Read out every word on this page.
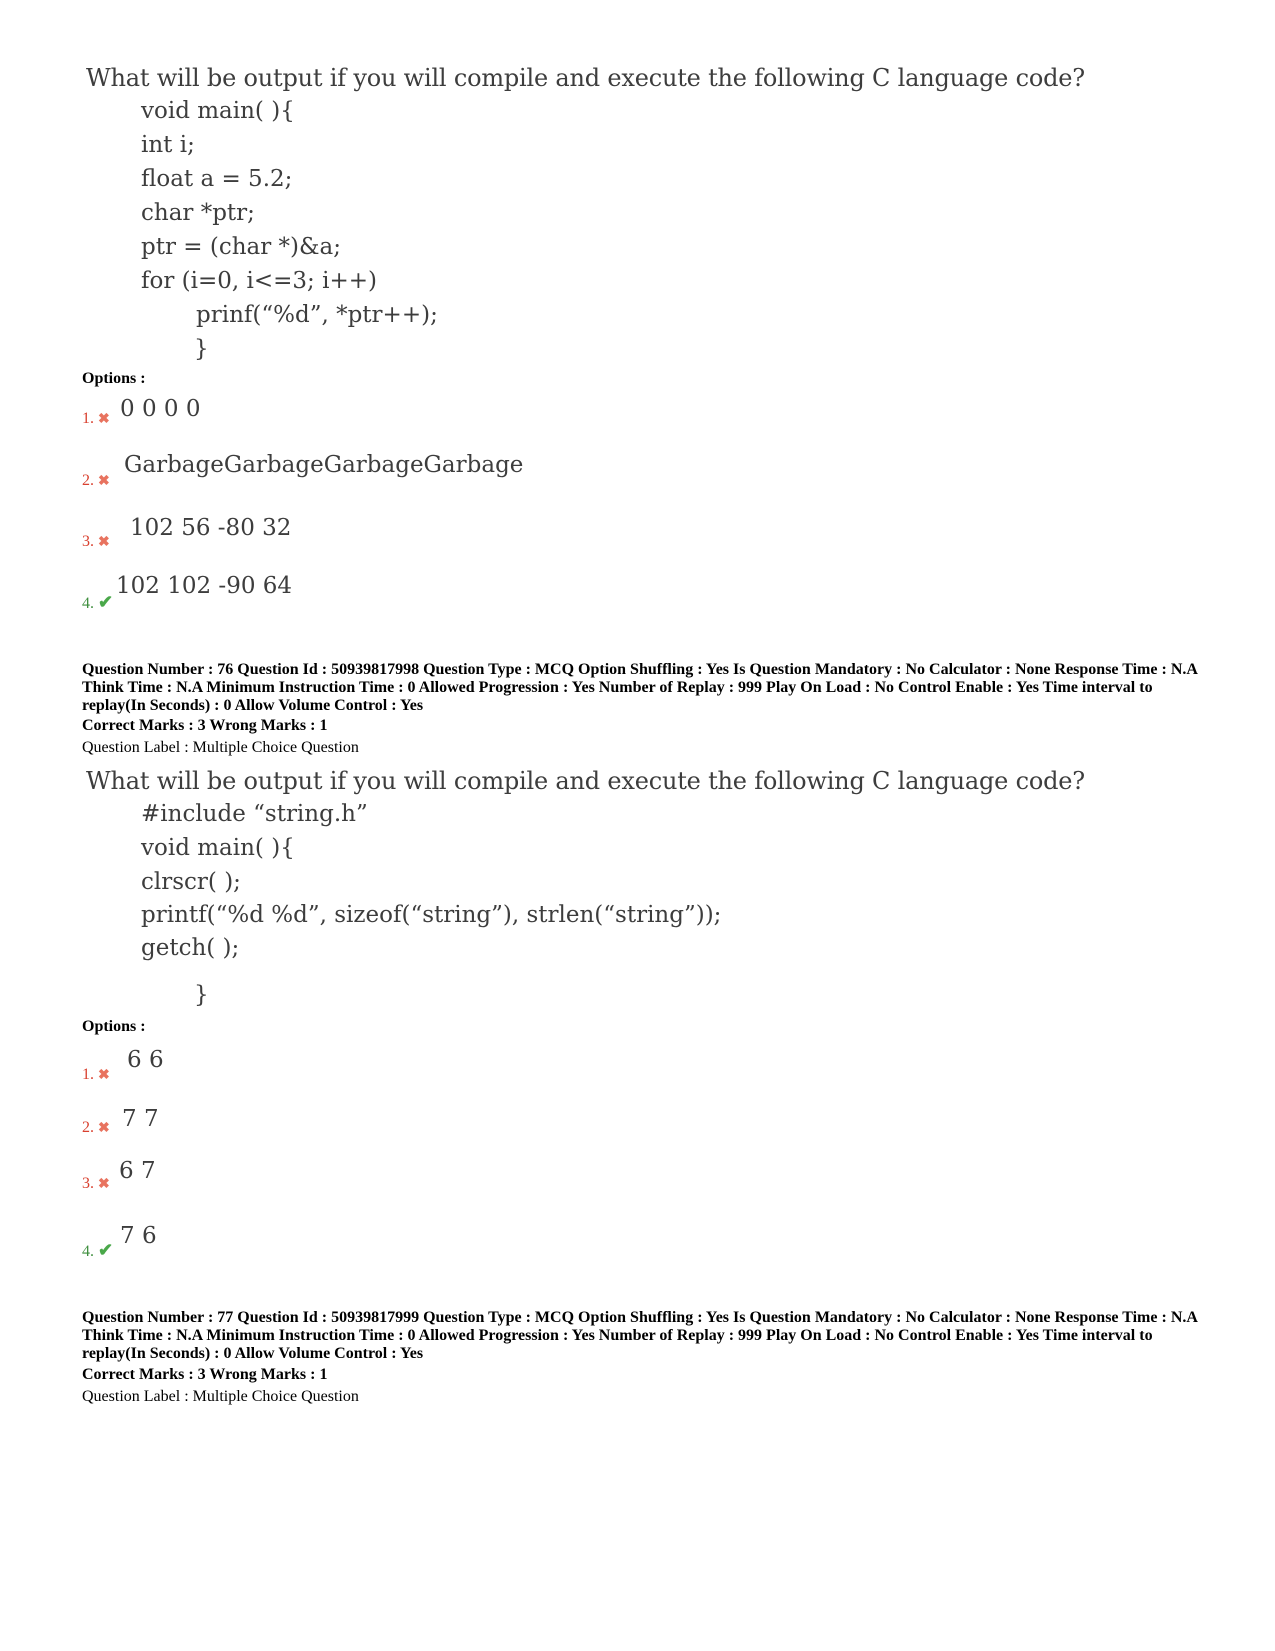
What will be output if you will compile and execute the following C language code?
void main( ){
int i;
float a = 5.2;
char *ptr;
ptr = (char *)&a;
for (i=0, i<=3; i++)
prinf(“%d”, *ptr++);
}
Options :
1. ✖ 0 0 0 0
2. ✖
GarbageGarbageGarbageGarbage
3. ✖
102 56 -80 32
4. ✔
102 102 -90 64
Question Number : 76 Question Id : 50939817998 Question Type : MCQ Option Shuffling : Yes Is Question Mandatory : No Calculator : None Response Time : N.A Think Time : N.A Minimum Instruction Time : 0 Allowed Progression : Yes Number of Replay : 999 Play On Load : No Control Enable : Yes Time interval to replay(In Seconds) : 0 Allow Volume Control : Yes
Correct Marks : 3 Wrong Marks : 1
Question Label : Multiple Choice Question
What will be output if you will compile and execute the following C language code?
#include “string.h”
void main( ){
clrscr( );
printf(“%d %d”, sizeof(“string”), strlen(“string”));
getch( );
}
Options :
1. ✖
6 6
2. ✖ 7 7
3. ✖
6 7
4. ✔
7 6
Question Number : 77 Question Id : 50939817999 Question Type : MCQ Option Shuffling : Yes Is Question Mandatory : No Calculator : None Response Time : N.A Think Time : N.A Minimum Instruction Time : 0 Allowed Progression : Yes Number of Replay : 999 Play On Load : No Control Enable : Yes Time interval to replay(In Seconds) : 0 Allow Volume Control : Yes
Correct Marks : 3 Wrong Marks : 1
Question Label : Multiple Choice Question
